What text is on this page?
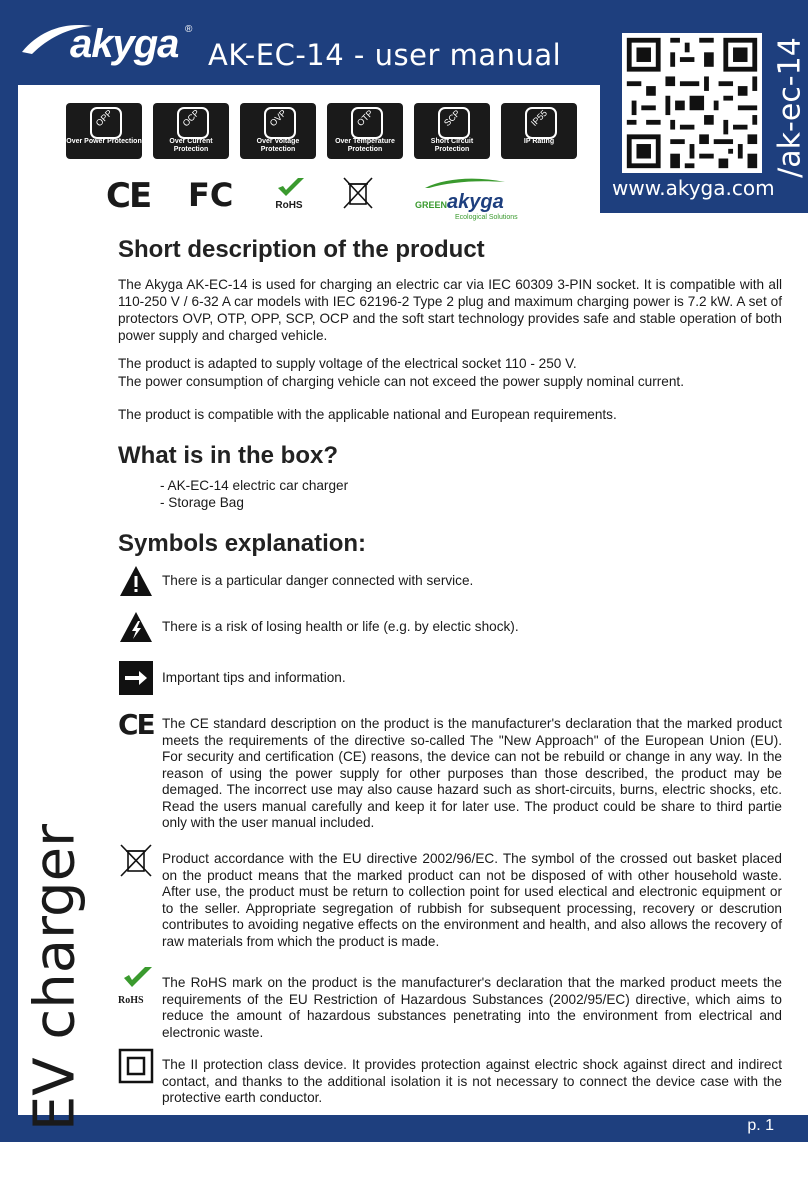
akyga ®
AK-EC-14 - user manual
www.akyga.com
/ak-ec-14
p. 1
EV charger
OPP
Over Power Protection
OCP
Over Current Protection
OVP
Over Voltage Protection
OTP
Over Temperature Protection
SCP
Short Circuit Protection
IP55
IP Rating
CE FC	RoHS	GREENakyga
Ecological Solutions
Short description of the product

The Akyga AK-EC-14 is used for charging an electric car via IEC 60309 3-PIN socket. It is compatible with all 110-250 V / 6-32 A car models with IEC 62196-2 Type 2 plug and maximum charging power is 7.2 kW. A set of protectors OVP, OTP, OPP, SCP, OCP and the soft start technology provides safe and stable operation of both power supply and charged vehicle.

The product is adapted to supply voltage of the electrical socket 110 - 250 V.

The power consumption of charging vehicle can not exceed the power supply nominal current.

The product is compatible with the applicable national and European requirements.

What is in the box?
- AK-EC-14 electric car charger
- Storage Bag
Symbols explanation:

There is a particular danger connected with service.

There is a risk of losing health or life (e.g. by electic shock).

Important tips and information.

CE The CE standard description on the product is the manufacturer's declaration that the marked product meets the requirements of the directive so-called The "New Approach" of the European Union (EU). For security and certification (CE) reasons, the device can not be rebuild or change in any way. In the reason of using the power supply for other purposes than those described, the product may be demaged. The incorrect use may also cause hazard such as short-circuits, burns, electric shocks, etc. Read the users manual carefully and keep it for later use. The product could be share to third partie only with the user manual included.

Product accordance with the EU directive 2002/96/EC. The symbol of the crossed out basket placed on the product means that the marked product can not be disposed of with other household waste. After use, the product must be return to collection point for used electical and electronic equipment or to the seller. Appropriate segregation of rubbish for subsequent processing, recovery or descrution contributes to avoiding negative effects on the environment and health, and also allows the recovery of raw materials from which the product is made.

RoHS

The RoHS mark on the product is the manufacturer's declaration that the marked product meets the requirements of the EU Restriction of Hazardous Substances (2002/95/EC) directive, which aims to reduce the amount of hazardous substances penetrating into the environment from electrical and electronic waste.

The II protection class device. It provides protection against electric shock against direct and indirect contact, and thanks to the additional isolation it is not necessary to connect the device case with the protective earth conductor.
